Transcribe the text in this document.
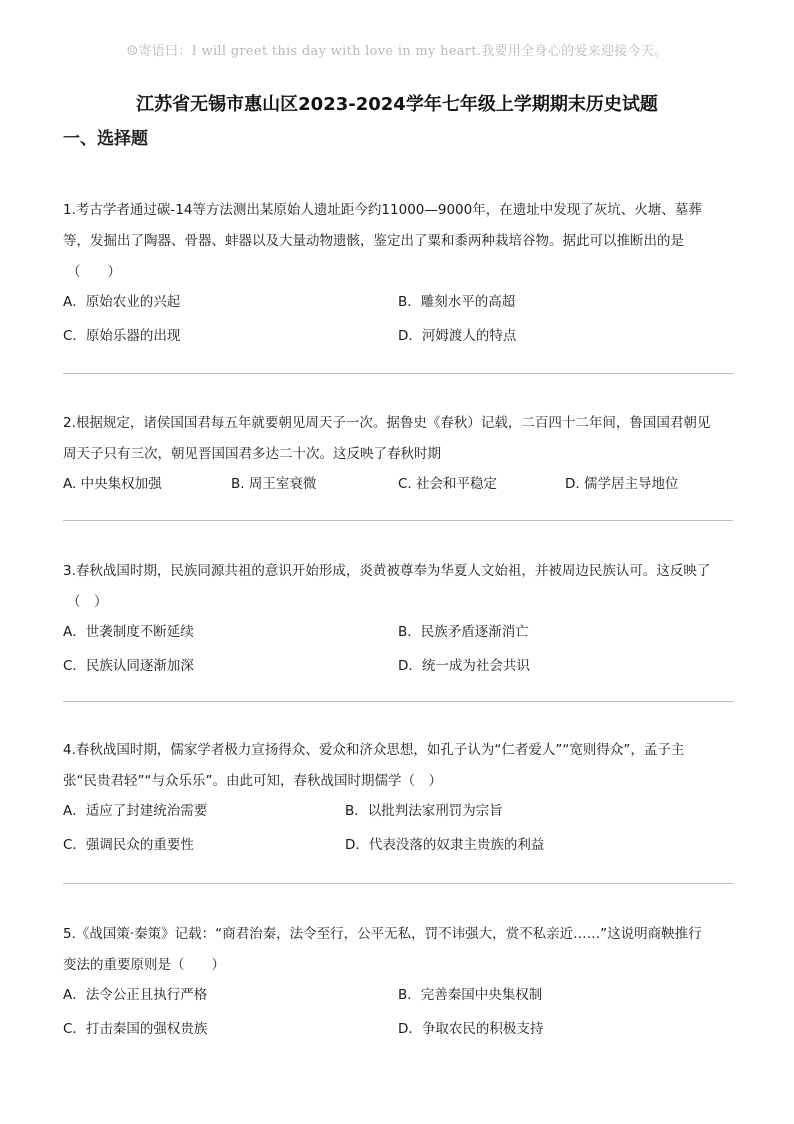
☺寄语曰：I will greet this day with love in my heart.我要用全身心的爱来迎接今天。
江苏省无锡市惠山区2023-2024学年七年级上学期期末历史试题
一、选择题

1.考古学者通过碳-14等方法测出某原始人遗址距今约11000—9000年，在遗址中发现了灰坑、火塘、墓葬

等，发掘出了陶器、骨器、蚌器以及大量动物遗骸，鉴定出了粟和黍两种栽培谷物。据此可以推断出的是

（　　）

A．原始农业的兴起	B．雕刻水平的高超
C．原始乐器的出现	D．河姆渡人的特点

2.根据规定，诸侯国国君每五年就要朝见周天子一次。据鲁史《春秋）记载，二百四十二年间，鲁国国君朝见

周天子只有三次，朝见晋国国君多达二十次。这反映了春秋时期

A. 中央集权加强	B. 周王室衰微	C. 社会和平稳定	D. 儒学居主导地位

3.春秋战国时期，民族同源共祖的意识开始形成，炎黄被尊奉为华夏人文始祖，并被周边民族认可。这反映了

（　）

A．世袭制度不断延续	B．民族矛盾逐渐消亡
C．民族认同逐渐加深	D．统一成为社会共识

4.春秋战国时期，儒家学者极力宣扬得众、爱众和济众思想，如孔子认为“仁者爱人”“宽则得众”，孟子主

张“民贵君轻”“与众乐乐”。由此可知，春秋战国时期儒学（　）

A．适应了封建统治需要	B．以批判法家刑罚为宗旨
C．强调民众的重要性	D．代表没落的奴隶主贵族的利益

5.《战国策·秦策》记载：“商君治秦，法令至行，公平无私，罚不讳强大，赏不私亲近……”这说明商鞅推行

变法的重要原则是（　　）

A．法令公正且执行严格	B．完善秦国中央集权制
C．打击秦国的强权贵族	D．争取农民的积极支持
